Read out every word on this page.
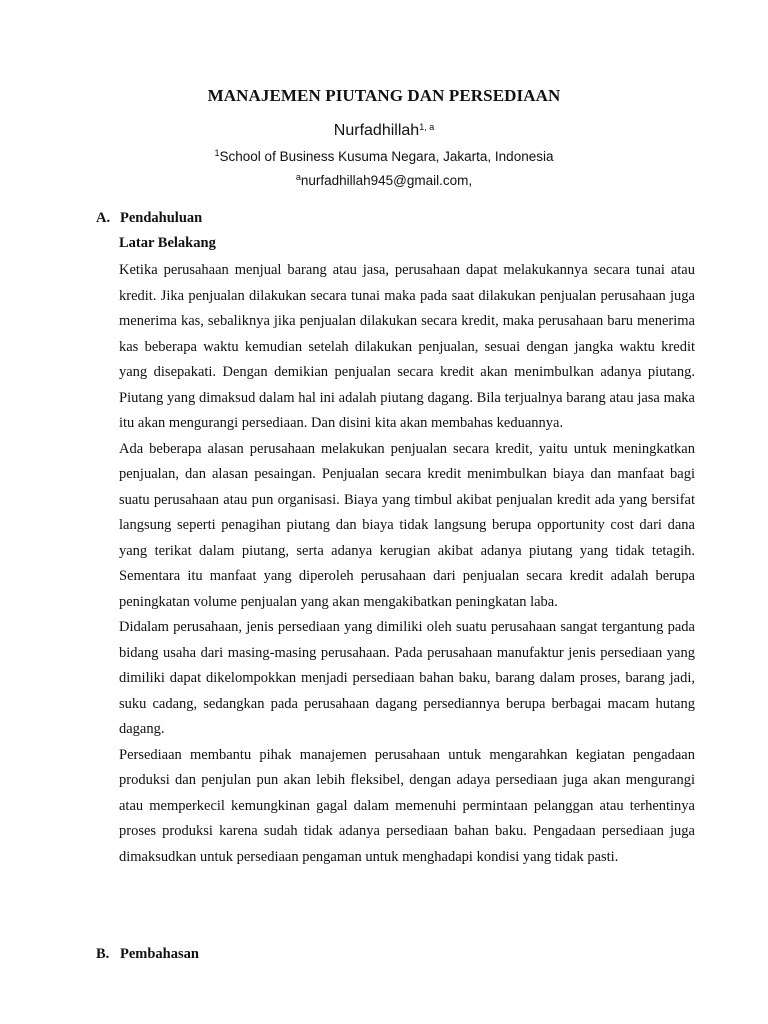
MANAJEMEN PIUTANG DAN PERSEDIAAN
Nurfadhillah$^{1, a}$
$^1$School of Business Kusuma Negara, Jakarta, Indonesia
$^a$nurfadhillah945@gmail.com,
A. Pendahuluan
Latar Belakang

Ketika perusahaan menjual barang atau jasa, perusahaan dapat melakukannya secara tunai atau kredit. Jika penjualan dilakukan secara tunai maka pada saat dilakukan penjualan perusahaan juga menerima kas, sebaliknya jika penjualan dilakukan secara kredit, maka perusahaan baru menerima kas beberapa waktu kemudian setelah dilakukan penjualan, sesuai dengan jangka waktu kredit yang disepakati. Dengan demikian penjualan secara kredit akan menimbulkan adanya piutang. Piutang yang dimaksud dalam hal ini adalah piutang dagang. Bila terjualnya barang atau jasa maka itu akan mengurangi persediaan. Dan disini kita akan membahas keduannya.

Ada beberapa alasan perusahaan melakukan penjualan secara kredit, yaitu untuk meningkatkan penjualan, dan alasan pesaingan. Penjualan secara kredit menimbulkan biaya dan manfaat bagi suatu perusahaan atau pun organisasi. Biaya yang timbul akibat penjualan kredit ada yang bersifat langsung seperti penagihan piutang dan biaya tidak langsung berupa opportunity cost dari dana yang terikat dalam piutang, serta adanya kerugian akibat adanya piutang yang tidak tetagih. Sementara itu manfaat yang diperoleh perusahaan dari penjualan secara kredit adalah berupa peningkatan volume penjualan yang akan mengakibatkan peningkatan laba.

Didalam perusahaan, jenis persediaan yang dimiliki oleh suatu perusahaan sangat tergantung pada bidang usaha dari masing-masing perusahaan. Pada perusahaan manufaktur jenis persediaan yang dimiliki dapat dikelompokkan menjadi persediaan bahan baku, barang dalam proses, barang jadi, suku cadang, sedangkan pada perusahaan dagang persediannya berupa berbagai macam hutang dagang.

Persediaan membantu pihak manajemen perusahaan untuk mengarahkan kegiatan pengadaan produksi dan penjulan pun akan lebih fleksibel, dengan adaya persediaan juga akan mengurangi atau memperkecil kemungkinan gagal dalam memenuhi permintaan pelanggan atau terhentinya proses produksi karena sudah tidak adanya persediaan bahan baku. Pengadaan persediaan juga dimaksudkan untuk persediaan pengaman untuk menghadapi kondisi yang tidak pasti.

B. Pembahasan
